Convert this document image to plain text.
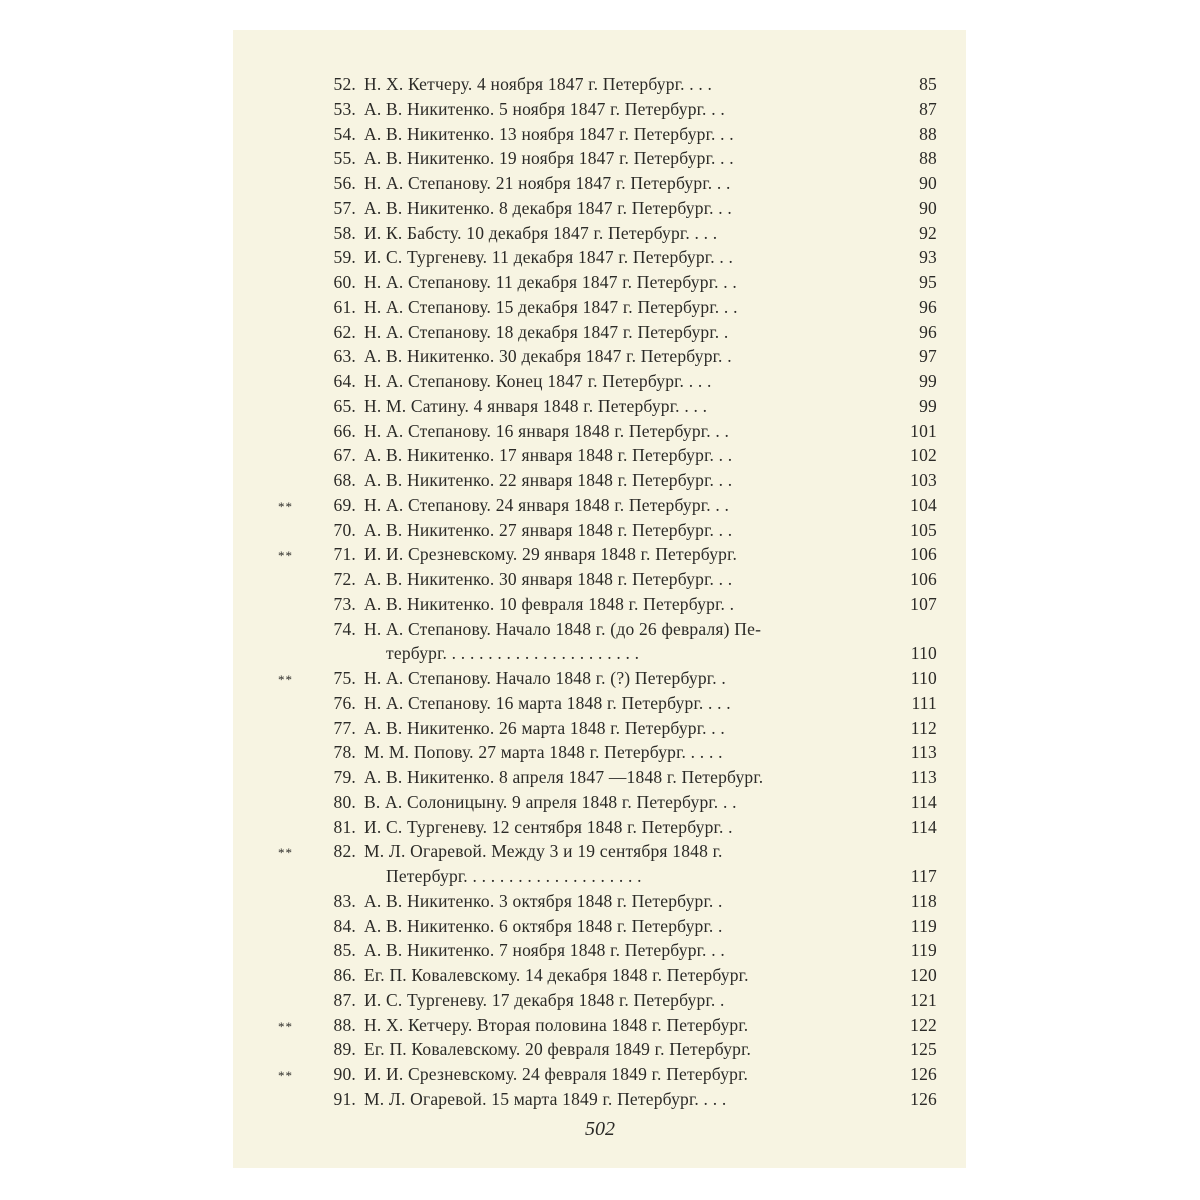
52. Н. Х. Кетчеру. 4 ноября 1847 г. Петербург. . . .	85
53. А. В. Никитенко. 5 ноября 1847 г. Петербург. . .	87
54. А. В. Никитенко. 13 ноября 1847 г. Петербург. . .	88
55. А. В. Никитенко. 19 ноября 1847 г. Петербург. . .	88
56. Н. А. Степанову. 21 ноября 1847 г. Петербург. . .	90
57. А. В. Никитенко. 8 декабря 1847 г. Петербург. . .	90
58. И. К. Бабсту. 10 декабря 1847 г. Петербург. . . .	92
59. И. С. Тургеневу. 11 декабря 1847 г. Петербург. . .	93
60. Н. А. Степанову. 11 декабря 1847 г. Петербург. . .	95
61. Н. А. Степанову. 15 декабря 1847 г. Петербург. . .	96
62. Н. А. Степанову. 18 декабря 1847 г. Петербург. .	96
63. А. В. Никитенко. 30 декабря 1847 г. Петербург. .	97
64. Н. А. Степанову. Конец 1847 г. Петербург. . . .	99
65. Н. М. Сатину. 4 января 1848 г. Петербург. . . .	99
66. Н. А. Степанову. 16 января 1848 г. Петербург. . .	101
67. А. В. Никитенко. 17 января 1848 г. Петербург. . .	102
68. А. В. Никитенко. 22 января 1848 г. Петербург. . .	103
**	69. Н. А. Степанову. 24 января 1848 г. Петербург. . .	104
70. А. В. Никитенко. 27 января 1848 г. Петербург. . .	105
**	71. И. И. Срезневскому. 29 января 1848 г. Петербург.	106
72. А. В. Никитенко. 30 января 1848 г. Петербург. . .	106
73. А. В. Никитенко. 10 февраля 1848 г. Петербург. .	107
74. Н. А. Степанову. Начало 1848 г. (до 26 февраля) Пе-
тербург. . . . . . . . . . . . . . . . . . . . . .	110
**	75. Н. А. Степанову. Начало 1848 г. (?) Петербург. .	110
76. Н. А. Степанову. 16 марта 1848 г. Петербург. . . .	111
77. А. В. Никитенко. 26 марта 1848 г. Петербург. . .	112
78. М. М. Попову. 27 марта 1848 г. Петербург. . . . .	113
79. А. В. Никитенко. 8 апреля 1847 —1848 г. Петербург.	113
80. В. А. Солоницыну. 9 апреля 1848 г. Петербург. . .	114
81. И. С. Тургеневу. 12 сентября 1848 г. Петербург. .	114
**	82. М. Л. Огаревой. Между 3 и 19 сентября 1848 г.
Петербург. . . . . . . . . . . . . . . . . . . .	117
83. А. В. Никитенко. 3 октября 1848 г. Петербург. .	118
84. А. В. Никитенко. 6 октября 1848 г. Петербург. .	119
85. А. В. Никитенко. 7 ноября 1848 г. Петербург. . .	119
86. Ег. П. Ковалевскому. 14 декабря 1848 г. Петербург.	120
87. И. С. Тургеневу. 17 декабря 1848 г. Петербург. .	121
**	88. Н. Х. Кетчеру. Вторая половина 1848 г. Петербург.	122
89. Ег. П. Ковалевскому. 20 февраля 1849 г. Петербург.	125
**	90. И. И. Срезневскому. 24 февраля 1849 г. Петербург.	126
91. М. Л. Огаревой. 15 марта 1849 г. Петербург. . . .	126
502
